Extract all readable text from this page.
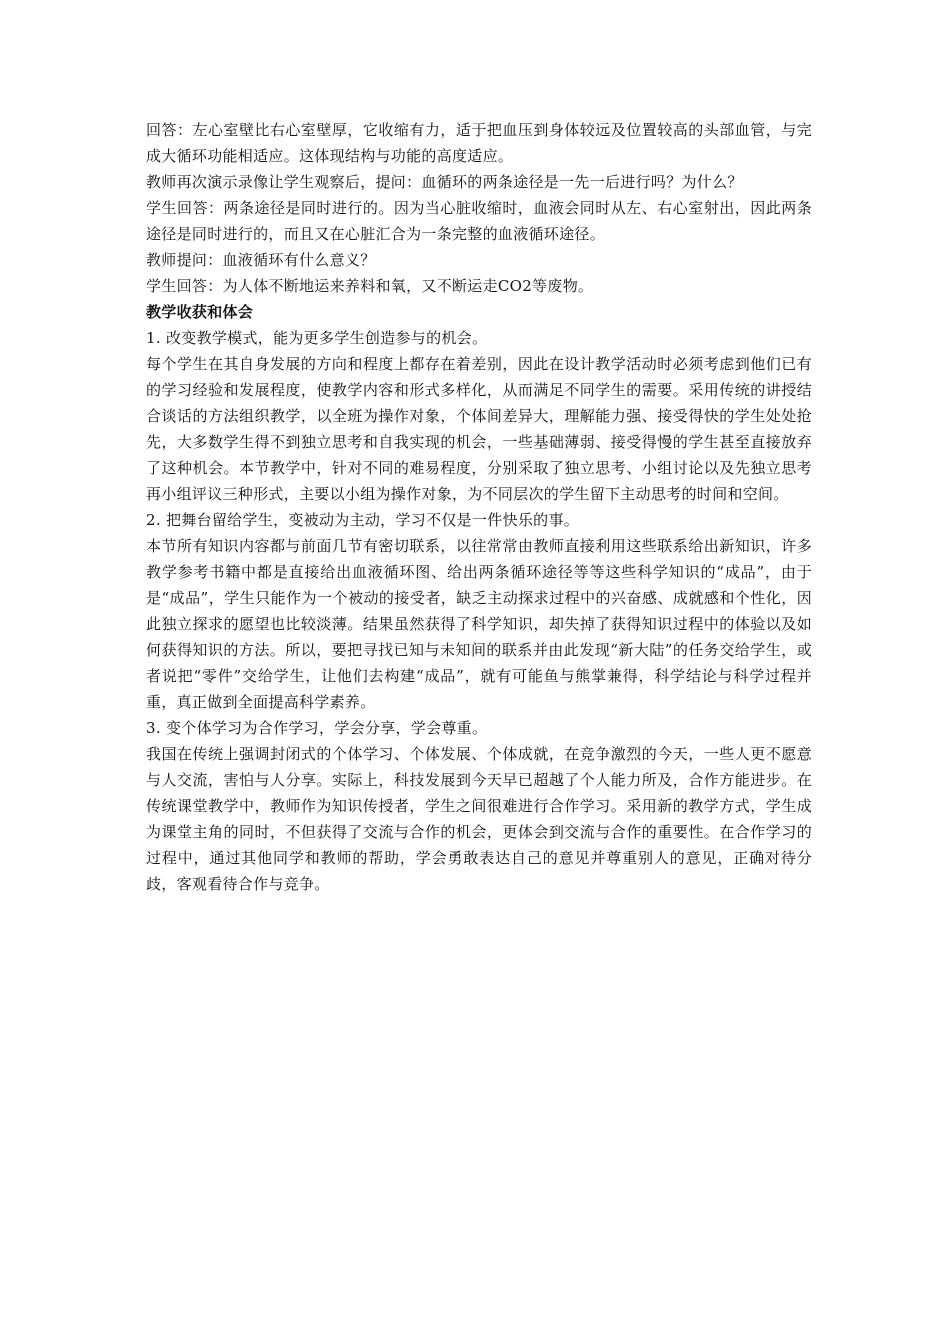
回答：左心室壁比右心室壁厚，它收缩有力，适于把血压到身体较远及位置较高的头部血管，与完成大循环功能相适应。这体现结构与功能的高度适应。

教师再次演示录像让学生观察后，提问：血循环的两条途径是一先一后进行吗？为什么？

学生回答：两条途径是同时进行的。因为当心脏收缩时，血液会同时从左、右心室射出，因此两条途径是同时进行的，而且又在心脏汇合为一条完整的血液循环途径。

教师提问：血液循环有什么意义？

学生回答：为人体不断地运来养料和氧，又不断运走CO2等废物。

教学收获和体会

1. 改变教学模式，能为更多学生创造参与的机会。

每个学生在其自身发展的方向和程度上都存在着差别，因此在设计教学活动时必须考虑到他们已有的学习经验和发展程度，使教学内容和形式多样化，从而满足不同学生的需要。采用传统的讲授结合谈话的方法组织教学，以全班为操作对象，个体间差异大，理解能力强、接受得快的学生处处抢先，大多数学生得不到独立思考和自我实现的机会，一些基础薄弱、接受得慢的学生甚至直接放弃了这种机会。本节教学中，针对不同的难易程度，分别采取了独立思考、小组讨论以及先独立思考再小组评议三种形式，主要以小组为操作对象，为不同层次的学生留下主动思考的时间和空间。

2. 把舞台留给学生，变被动为主动，学习不仅是一件快乐的事。

本节所有知识内容都与前面几节有密切联系，以往常常由教师直接利用这些联系给出新知识，许多教学参考书籍中都是直接给出血液循环图、给出两条循环途径等等这些科学知识的“成品”，由于是“成品”，学生只能作为一个被动的接受者，缺乏主动探求过程中的兴奋感、成就感和个性化，因此独立探求的愿望也比较淡薄。结果虽然获得了科学知识，却失掉了获得知识过程中的体验以及如何获得知识的方法。所以，要把寻找已知与未知间的联系并由此发现“新大陆”的任务交给学生，或者说把“零件”交给学生，让他们去构建“成品”，就有可能鱼与熊掌兼得，科学结论与科学过程并重，真正做到全面提高科学素养。

3. 变个体学习为合作学习，学会分享，学会尊重。

我国在传统上强调封闭式的个体学习、个体发展、个体成就，在竞争激烈的今天，一些人更不愿意与人交流，害怕与人分享。实际上，科技发展到今天早已超越了个人能力所及，合作方能进步。在传统课堂教学中，教师作为知识传授者，学生之间很难进行合作学习。采用新的教学方式，学生成为课堂主角的同时，不但获得了交流与合作的机会，更体会到交流与合作的重要性。在合作学习的过程中，通过其他同学和教师的帮助，学会勇敢表达自己的意见并尊重别人的意见，正确对待分歧，客观看待合作与竞争。
